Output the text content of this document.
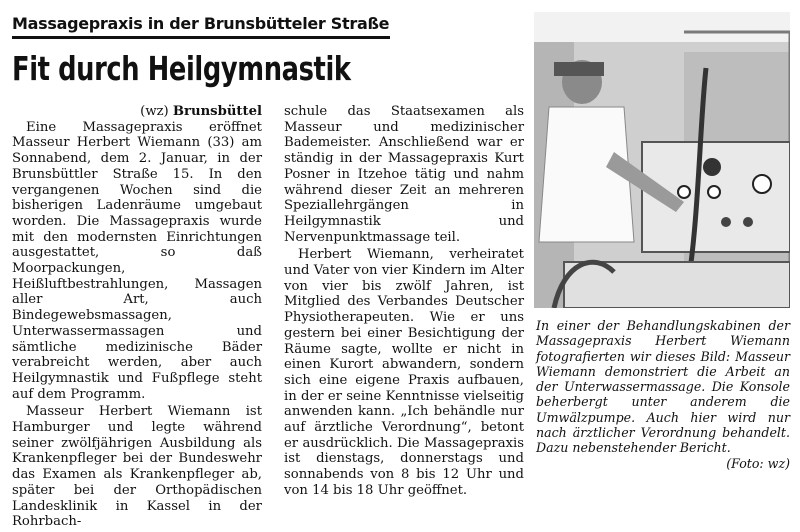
Massagepraxis in der Brunsbütteler Straße
Fit durch Heilgymnastik
(wz) Brunsbüttel

Eine Massagepraxis eröffnet Masseur Herbert Wiemann (33) am Sonnabend, dem 2. Januar, in der Brunsbüttler Straße 15. In den vergangenen Wochen sind die bisherigen Ladenräume umgebaut worden. Die Massagepraxis wurde mit den modernsten Einrichtungen ausgestattet, so daß Moorpackungen, Heißluftbestrahlungen, Massagen aller Art, auch Bindegewebsmassagen, Unterwassermassagen und sämtliche medizinische Bäder verabreicht werden, aber auch Heilgymnastik und Fußpflege steht auf dem Programm.

Masseur Herbert Wiemann ist Hamburger und legte während seiner zwölfjährigen Ausbildung als Krankenpfleger bei der Bundeswehr das Examen als Krankenpfleger ab, später bei der Orthopädischen Landesklinik in Kassel in der Rohrbach-

schule das Staatsexamen als Masseur und medizinischer Bademeister. Anschließend war er ständig in der Massagepraxis Kurt Posner in Itzehoe tätig und nahm während dieser Zeit an mehreren Speziallehrgängen in Heilgymnastik und Nervenpunktmassage teil.

Herbert Wiemann, verheiratet und Vater von vier Kindern im Alter von vier bis zwölf Jahren, ist Mitglied des Verbandes Deutscher Physiotherapeuten. Wie er uns gestern bei einer Besichtigung der Räume sagte, wollte er nicht in einen Kurort abwandern, sondern sich eine eigene Praxis aufbauen, in der er seine Kenntnisse vielseitig anwenden kann. „Ich behändle nur auf ärztliche Verordnung“, betont er ausdrücklich. Die Massagepraxis ist dienstags, donnerstags und sonnabends von 8 bis 12 Uhr und von 14 bis 18 Uhr geöffnet.

In einer der Behandlungskabinen der Massagepraxis Herbert Wiemann fotografierten wir dieses Bild: Masseur Wiemann demonstriert die Arbeit an der Unterwassermassage. Die Konsole beherbergt unter anderem die Umwälzpumpe. Auch hier wird nur nach ärztlicher Verordnung behandelt. Dazu nebenstehender Bericht.
(Foto: wz)
